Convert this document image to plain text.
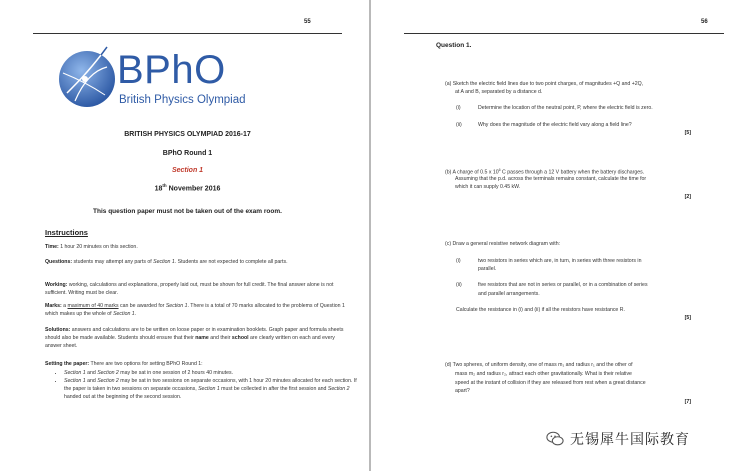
55
BPhO
British Physics Olympiad
BRITISH PHYSICS OLYMPIAD 2016-17
BPhO Round 1
Section 1
18th November 2016
This question paper must not be taken out of the exam room.
Instructions
Time: 1 hour 20 minutes on this section.
Questions: students may attempt any parts of Section 1. Students are not expected to complete all parts.
Working: working, calculations and explanations, properly laid out, must be shown for full credit. The final answer alone is not sufficient. Writing must be clear.
Marks: a maximum of 40 marks can be awarded for Section 1. There is a total of 70 marks allocated to the problems of Question 1 which makes up the whole of Section 1.
Solutions: answers and calculations are to be written on loose paper or in examination booklets. Graph paper and formula sheets should also be made available. Students should ensure that their name and their school are clearly written on each and every answer sheet.
Setting the paper: There are two options for setting BPhO Round 1:
• Section 1 and Section 2 may be sat in one session of 2 hours 40 minutes.
• Section 1 and Section 2 may be sat in two sessions on separate occasions, with 1 hour 20 minutes allocated for each section. If the paper is taken in two sessions on separate occasions, Section 1 must be collected in after the first session and Section 2 handed out at the beginning of the second session.
56
Question 1.
(a) Sketch the electric field lines due to two point charges, of magnitudes +Q and +2Q,
at A and B, separated by a distance d.
(i)	Determine the location of the neutral point, P, where the electric field is zero.
(ii)	Why does the magnitude of the electric field vary along a field line?
[5]
(b) A charge of 0.5 x $10^6$ C passes through a 12 V battery when the battery discharges.
Assuming that the p.d. across the terminals remains constant, calculate the time for
which it can supply 0.45 kW.
[2]
(c) Draw a general resistive network diagram with:
(i)	two resistors in series which are, in turn, in series with three resistors in
parallel.
(ii)	five resistors that are not in series or parallel, or in a combination of series
and parallel arrangements.
Calculate the resistance in (i) and (ii) if all the resistors have resistance R.
[5]
(d) Two spheres, of uniform density, one of mass m₁ and radius r₁ and the other of
mass m₂ and radius r₂, attract each other gravitationally. What is their relative
speed at the instant of collision if they are released from rest when a great distance
apart?
[7]
无锡犀牛国际教育
